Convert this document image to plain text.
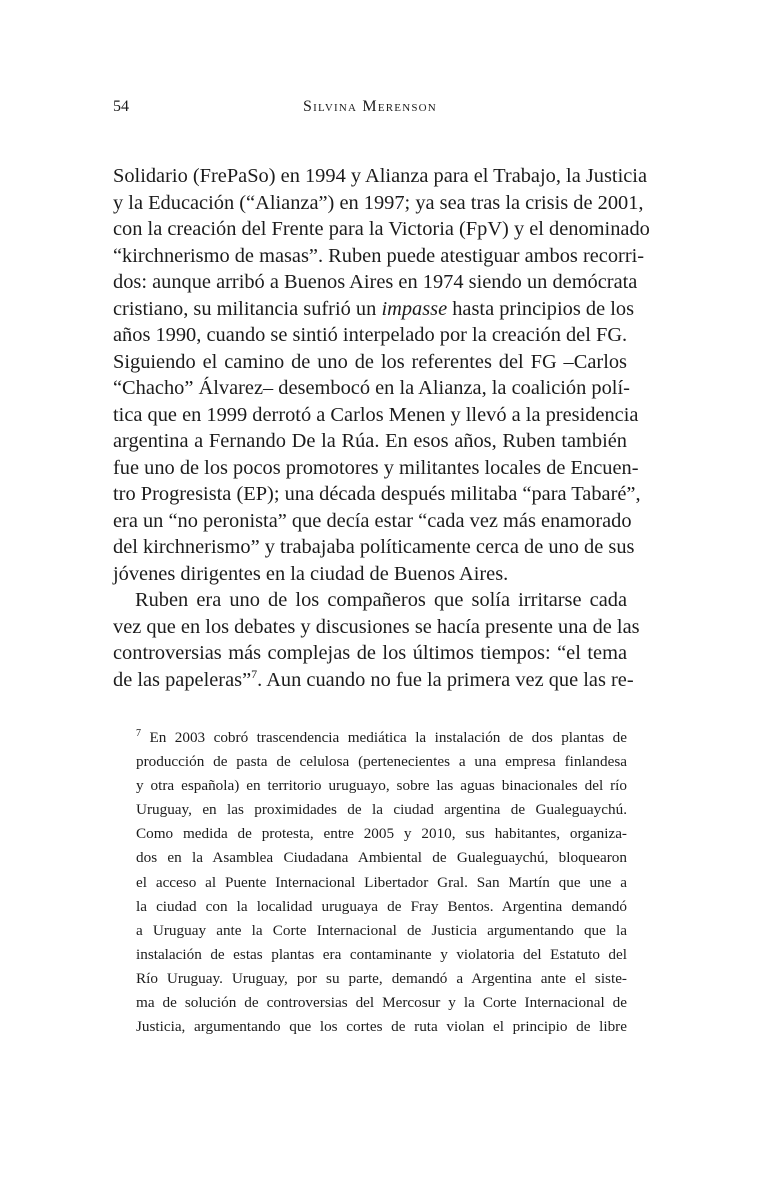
54	Silvina Merenson
Solidario (FrePaSo) en 1994 y Alianza para el Trabajo, la Justicia
y la Educación (“Alianza”) en 1997; ya sea tras la crisis de 2001,
con la creación del Frente para la Victoria (FpV) y el denominado
“kirchnerismo de masas”. Ruben puede atestiguar ambos recorri-
dos: aunque arribó a Buenos Aires en 1974 siendo un demócrata
cristiano, su militancia sufrió un impasse hasta principios de los
años 1990, cuando se sintió interpelado por la creación del FG.
Siguiendo el camino de uno de los referentes del FG –Carlos
“Chacho” Álvarez– desembocó en la Alianza, la coalición polí-
tica que en 1999 derrotó a Carlos Menen y llevó a la presidencia
argentina a Fernando De la Rúa. En esos años, Ruben también
fue uno de los pocos promotores y militantes locales de Encuen-
tro Progresista (EP); una década después militaba “para Tabaré”,
era un “no peronista” que decía estar “cada vez más enamorado
del kirchnerismo” y trabajaba políticamente cerca de uno de sus
jóvenes dirigentes en la ciudad de Buenos Aires.
Ruben era uno de los compañeros que solía irritarse cada
vez que en los debates y discusiones se hacía presente una de las
controversias más complejas de los últimos tiempos: “el tema
de las papeleras”$^7$. Aun cuando no fue la primera vez que las re-
$^7$ En 2003 cobró trascendencia mediática la instalación de dos plantas de
producción de pasta de celulosa (pertenecientes a una empresa finlandesa
y otra española) en territorio uruguayo, sobre las aguas binacionales del río
Uruguay, en las proximidades de la ciudad argentina de Gualeguaychú.
Como medida de protesta, entre 2005 y 2010, sus habitantes, organiza-
dos en la Asamblea Ciudadana Ambiental de Gualeguaychú, bloquearon
el acceso al Puente Internacional Libertador Gral. San Martín que une a
la ciudad con la localidad uruguaya de Fray Bentos. Argentina demandó
a Uruguay ante la Corte Internacional de Justicia argumentando que la
instalación de estas plantas era contaminante y violatoria del Estatuto del
Río Uruguay. Uruguay, por su parte, demandó a Argentina ante el siste-
ma de solución de controversias del Mercosur y la Corte Internacional de
Justicia, argumentando que los cortes de ruta violan el principio de libre
